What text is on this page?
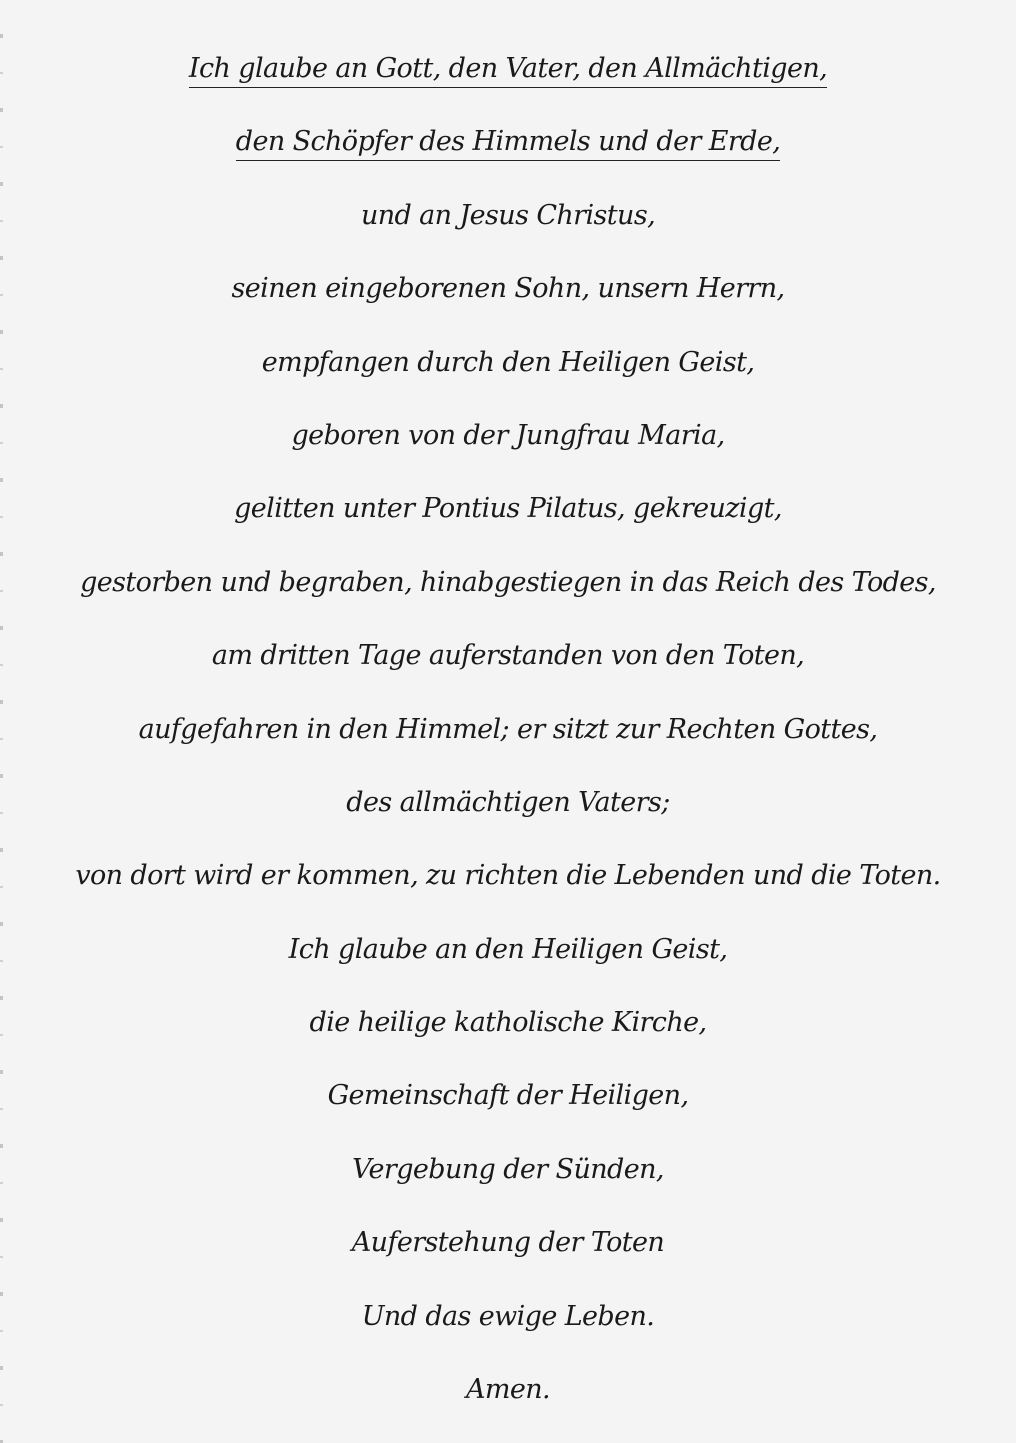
Ich glaube an Gott, den Vater, den Allmächtigen,
den Schöpfer des Himmels und der Erde,
und an Jesus Christus,
seinen eingeborenen Sohn, unsern Herrn,
empfangen durch den Heiligen Geist,
geboren von der Jungfrau Maria,
gelitten unter Pontius Pilatus, gekreuzigt,
gestorben und begraben, hinabgestiegen in das Reich des Todes,
am dritten Tage auferstanden von den Toten,
aufgefahren in den Himmel; er sitzt zur Rechten Gottes,
des allmächtigen Vaters;
von dort wird er kommen, zu richten die Lebenden und die Toten.
Ich glaube an den Heiligen Geist,
die heilige katholische Kirche,
Gemeinschaft der Heiligen,
Vergebung der Sünden,
Auferstehung der Toten
Und das ewige Leben.
Amen.
